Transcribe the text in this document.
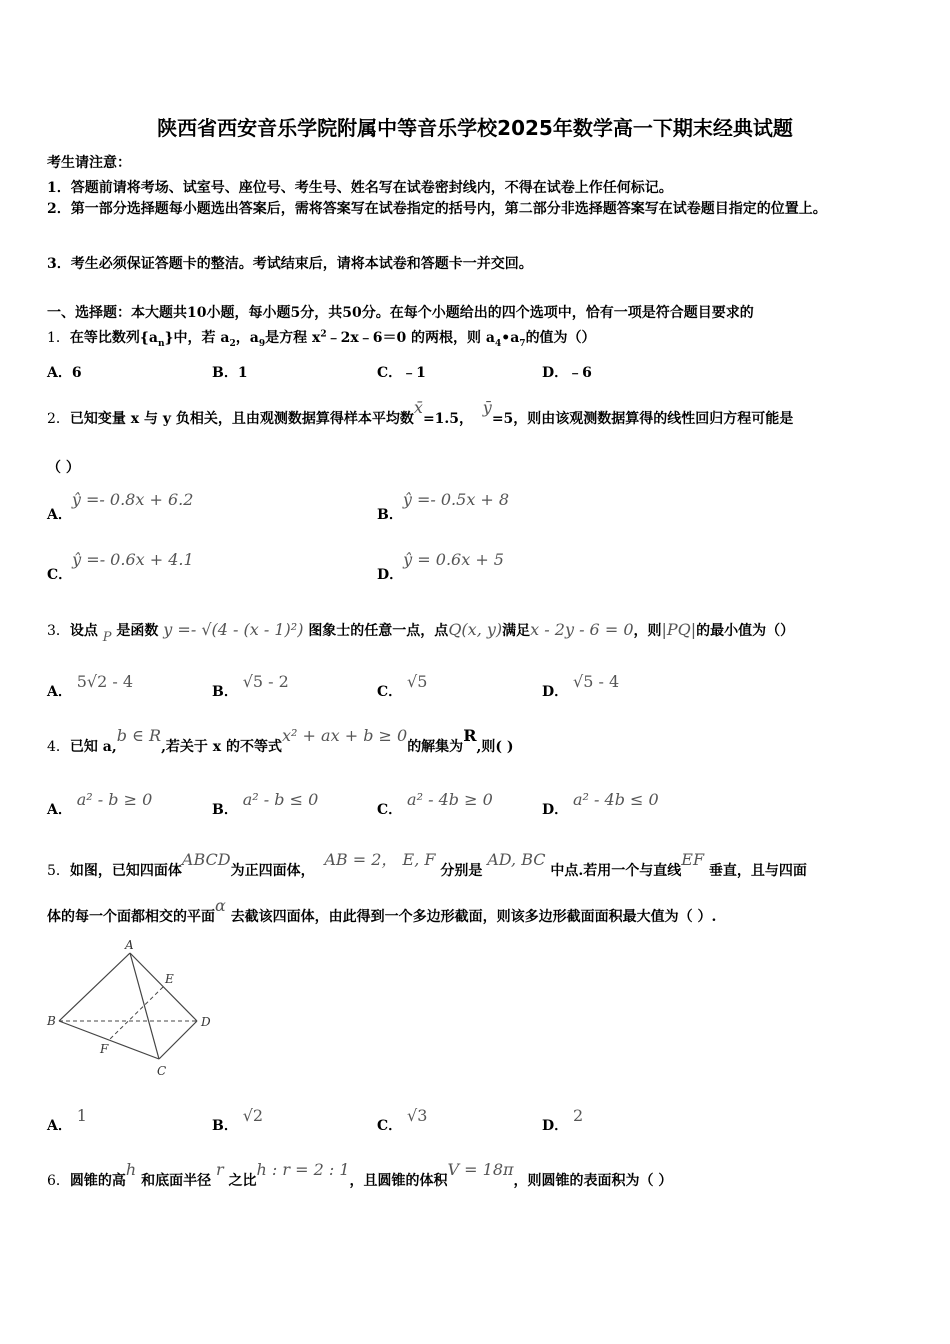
陕西省西安音乐学院附属中等音乐学校2025年数学高一下期末经典试题
考生请注意：
1．答题前请将考场、试室号、座位号、考生号、姓名写在试卷密封线内，不得在试卷上作任何标记。
2．第一部分选择题每小题选出答案后，需将答案写在试卷指定的括号内，第二部分非选择题答案写在试卷题目指定的位置上。
3．考生必须保证答题卡的整洁。考试结束后，请将本试卷和答题卡一并交回。
一、选择题：本大题共10小题，每小题5分，共50分。在每个小题给出的四个选项中，恰有一项是符合题目要求的
1．在等比数列$\{a_n\}$中，若 $a_2$，$a_9$是方程 $x^2﹣2x﹣6=0$ 的两根，则 $a_4•a_7$的值为（）
A．6	B．1	C．﹣1	D．﹣6
2．已知变量 x 与 y 负相关，且由观测数据算得样本平均数x̄=1.5，  ȳ=5，则由该观测数据算得的线性回归方程可能是
（ ）
A．ŷ =- 0.8x + 6.2
B．ŷ =- 0.5x + 8
C．ŷ =- 0.6x + 4.1
D．ŷ = 0.6x + 5
3．设点 P 是函数 y =- √(4 - (x - 1)²) 图象士的任意一点，点Q(x, y)满足x - 2y - 6 = 0，则|PQ|的最小值为（）
A． 5√2 - 4
B． √5 - 2
C． √5
D． √5 - 4
4．已知 a,b ∈ R,若关于 x 的不等式x² + ax + b ≥ 0的解集为R,则( )
A． a² - b ≥ 0
B． a² - b ≤ 0
C． a² - 4b ≥ 0
D． a² - 4b ≤ 0
5．如图，已知四面体ABCD为正四面体，  AB = 2， E, F 分别是 AD, BC 中点.若用一个与直线EF 垂直，且与四面
体的每一个面都相交的平面α 去截该四面体，由此得到一个多边形截面，则该多边形截面面积最大值为（ ）.
A
B
C
D
E
F
A． 1
B． √2
C． √3
D． 2
6．圆锥的高h 和底面半径 r 之比h : r = 2 : 1，且圆锥的体积V = 18π，则圆锥的表面积为（ ）
